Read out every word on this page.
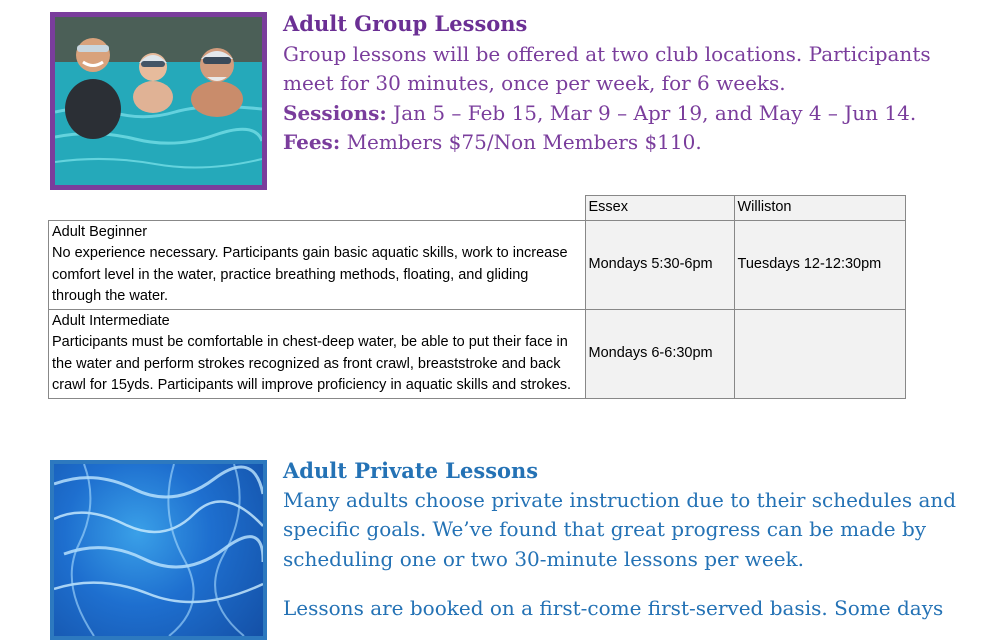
Adult Group Lessons

Group lessons will be offered at two club locations. Participants meet for 30 minutes, once per week, for 6 weeks.
Sessions: Jan 5 – Feb 15, Mar 9 – Apr 19, and May 4 – Jun 14.
Fees: Members $75/Non Members $110.

	Essex	Williston

Adult Beginner
No experience necessary. Participants gain basic aquatic skills, work to increase comfort level in the water, practice breathing methods, floating, and gliding through the water.	Mondays 5:30-6pm	Tuesdays 12-12:30pm

Adult Intermediate
Participants must be comfortable in chest-deep water, be able to put their face in the water and perform strokes recognized as front crawl, breaststroke and back crawl for 15yds. Participants will improve proficiency in aquatic skills and strokes.	Mondays 6-6:30pm	
Adult Private Lessons

Many adults choose private instruction due to their schedules and specific goals. We’ve found that great progress can be made by scheduling one or two 30-minute lessons per week.

Lessons are booked on a first-come first-served basis. Some days
